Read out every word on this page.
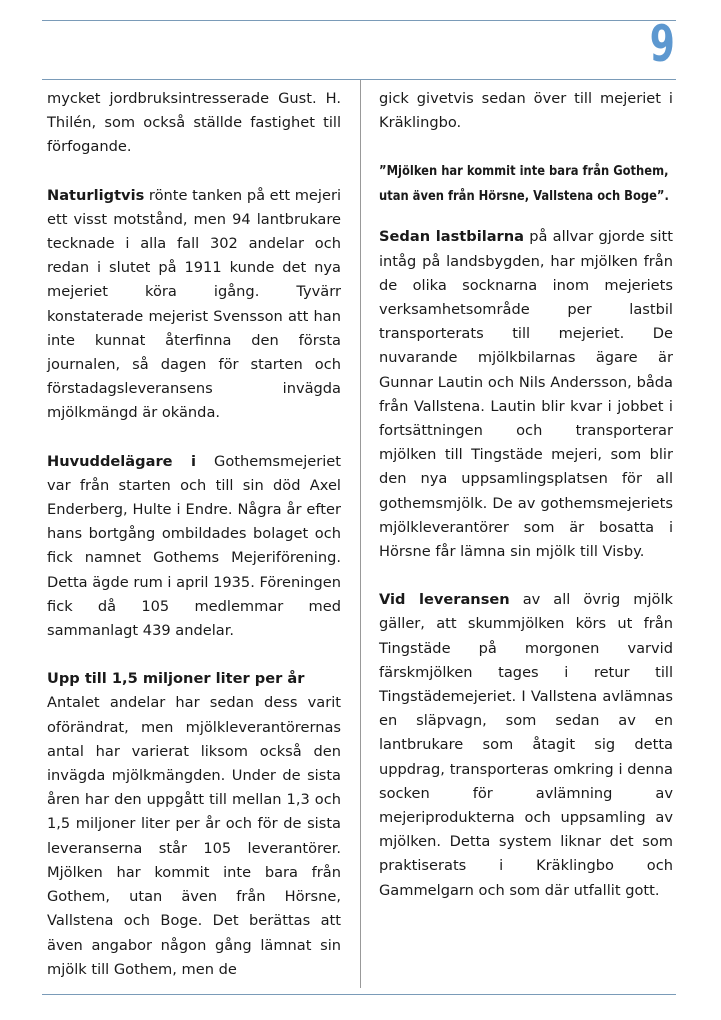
9

mycket jordbruksintresserade Gust. H. Thilén, som också ställde fastighet till förfogande.

Naturligtvis rönte tanken på ett mejeri ett visst motstånd, men 94 lantbrukare tecknade i alla fall 302 andelar och redan i slutet på 1911 kunde det nya mejeriet köra igång. Tyvärr konstaterade mejerist Svensson att han inte kunnat återfinna den första journalen, så dagen för starten och förstadagsleveransens invägda mjölkmängd är okända.

Huvuddelägare i Gothemsmejeriet var från starten och till sin död Axel Enderberg, Hulte i Endre. Några år efter hans bortgång ombildades bolaget och fick namnet Gothems Mejeriförening. Detta ägde rum i april 1935. Föreningen fick då 105 medlemmar med sammanlagt 439 andelar.

Upp till 1,5 miljoner liter per år
Antalet andelar har sedan dess varit oförändrat, men mjölkleverantörernas antal har varierat liksom också den invägda mjölkmängden. Under de sista åren har den uppgått till mellan 1,3 och 1,5 miljoner liter per år och för de sista leveranserna står 105 leverantörer. Mjölken har kommit inte bara från Gothem, utan även från Hörsne, Vallstena och Boge. Det berättas att även angabor någon gång lämnat sin mjölk till Gothem, men de

gick givetvis sedan över till mejeriet i Kräklingbo.

”Mjölken har kommit inte bara från Gothem, utan även från Hörsne, Vallstena och Boge”.

Sedan lastbilarna på allvar gjorde sitt intåg på landsbygden, har mjölken från de olika socknarna inom mejeriets verksamhetsområde per lastbil transporterats till mejeriet. De nuvarande mjölkbilarnas ägare är Gunnar Lautin och Nils Andersson, båda från Vallstena. Lautin blir kvar i jobbet i fortsättningen och transporterar mjölken till Tingstäde mejeri, som blir den nya uppsamlingsplatsen för all gothemsmjölk. De av gothemsmejeriets mjölkleverantörer som är bosatta i Hörsne får lämna sin mjölk till Visby.

Vid leveransen av all övrig mjölk gäller, att skummjölken körs ut från Tingstäde på morgonen varvid färskmjölken tages i retur till Tingstädemejeriet. I Vallstena avlämnas en släpvagn, som sedan av en lantbrukare som åtagit sig detta uppdrag, transporteras omkring i denna socken för avlämning av mejeriprodukterna och uppsamling av mjölken. Detta system liknar det som praktiserats i Kräklingbo och Gammelgarn och som där utfallit gott.
